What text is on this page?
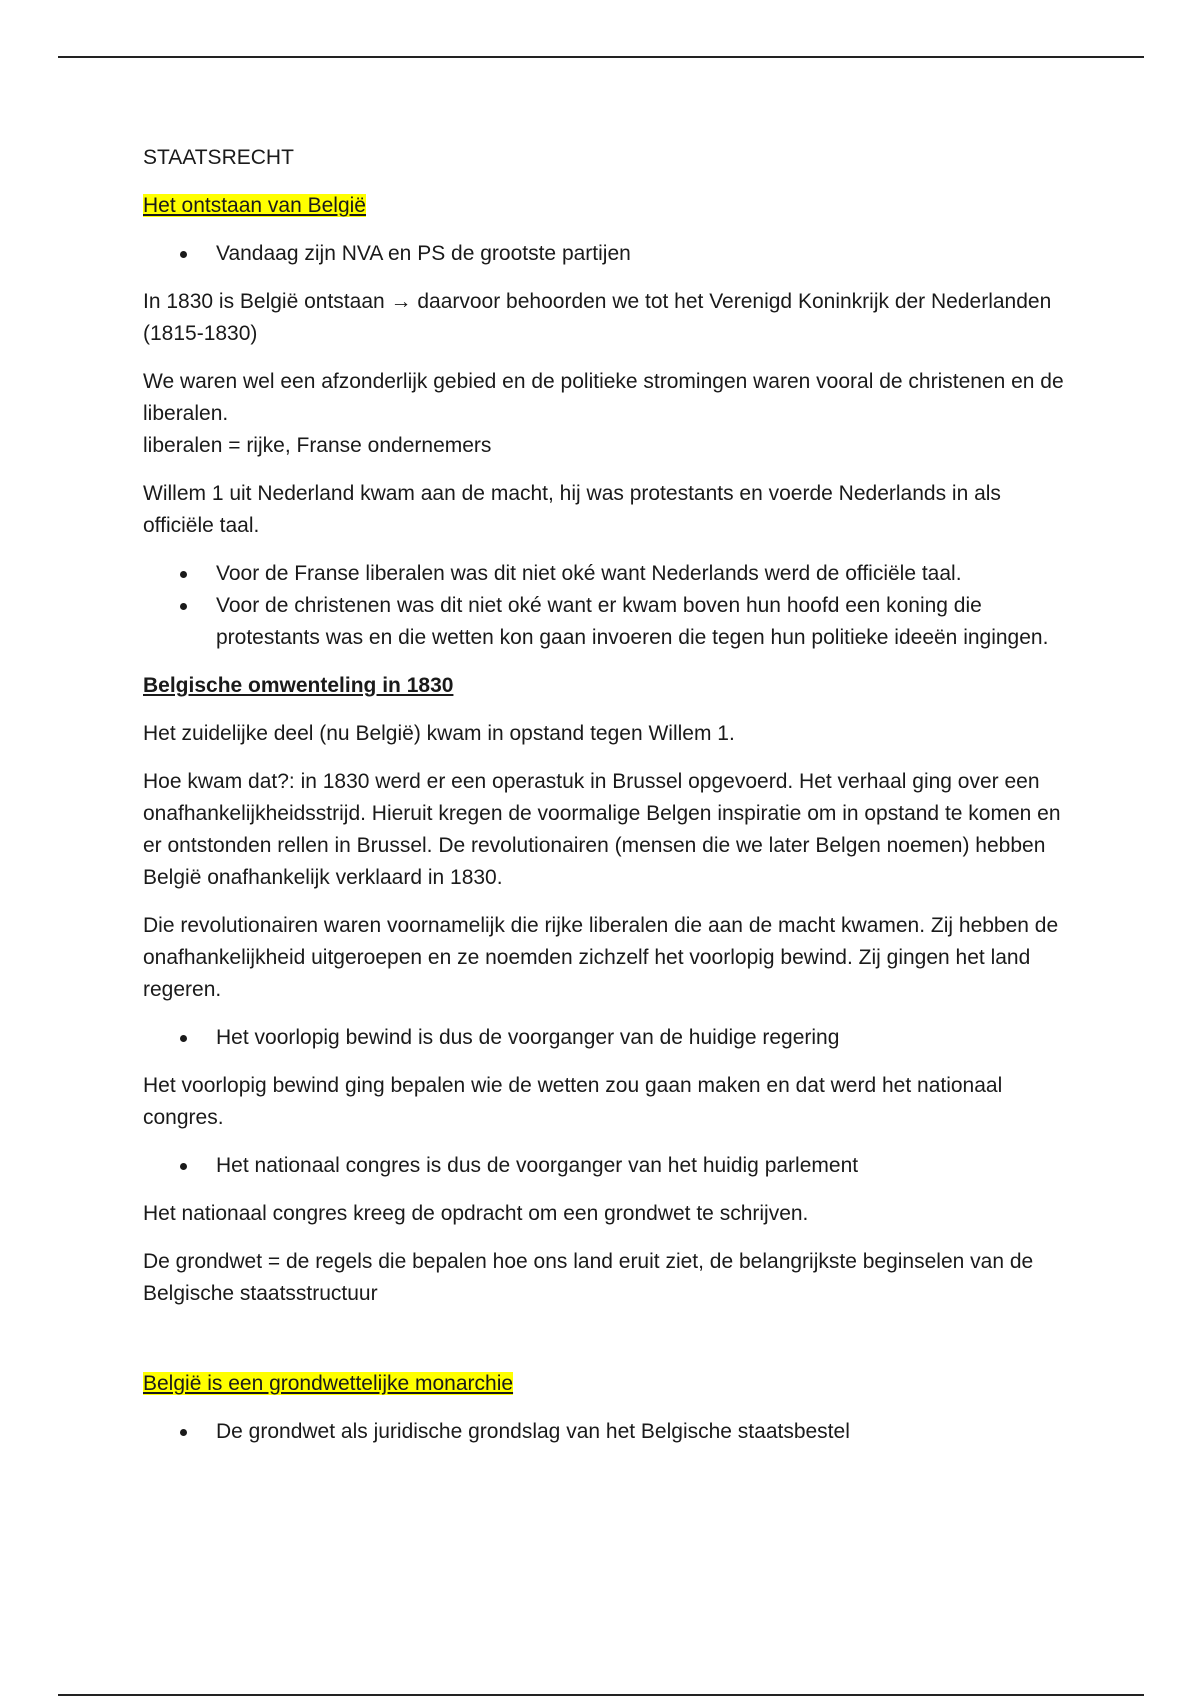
STAATSRECHT

Het ontstaan van België

Vandaag zijn NVA en PS de grootste partijen

In 1830 is België ontstaan → daarvoor behoorden we tot het Verenigd Koninkrijk der Nederlanden (1815-1830)

We waren wel een afzonderlijk gebied en de politieke stromingen waren vooral de christenen en de liberalen.
liberalen = rijke, Franse ondernemers

Willem 1 uit Nederland kwam aan de macht, hij was protestants en voerde Nederlands in als officiële taal.

Voor de Franse liberalen was dit niet oké want Nederlands werd de officiële taal.
Voor de christenen was dit niet oké want er kwam boven hun hoofd een koning die protestants was en die wetten kon gaan invoeren die tegen hun politieke ideeën ingingen.

Belgische omwenteling in 1830

Het zuidelijke deel (nu België) kwam in opstand tegen Willem 1.

Hoe kwam dat?: in 1830 werd er een operastuk in Brussel opgevoerd. Het verhaal ging over een onafhankelijkheidsstrijd. Hieruit kregen de voormalige Belgen inspiratie om in opstand te komen en er ontstonden rellen in Brussel. De revolutionairen (mensen die we later Belgen noemen) hebben België onafhankelijk verklaard in 1830.

Die revolutionairen waren voornamelijk die rijke liberalen die aan de macht kwamen. Zij hebben de onafhankelijkheid uitgeroepen en ze noemden zichzelf het voorlopig bewind. Zij gingen het land regeren.

Het voorlopig bewind is dus de voorganger van de huidige regering

Het voorlopig bewind ging bepalen wie de wetten zou gaan maken en dat werd het nationaal congres.

Het nationaal congres is dus de voorganger van het huidig parlement

Het nationaal congres kreeg de opdracht om een grondwet te schrijven.

De grondwet = de regels die bepalen hoe ons land eruit ziet, de belangrijkste beginselen van de Belgische staatsstructuur

België is een grondwettelijke monarchie

De grondwet als juridische grondslag van het Belgische staatsbestel
